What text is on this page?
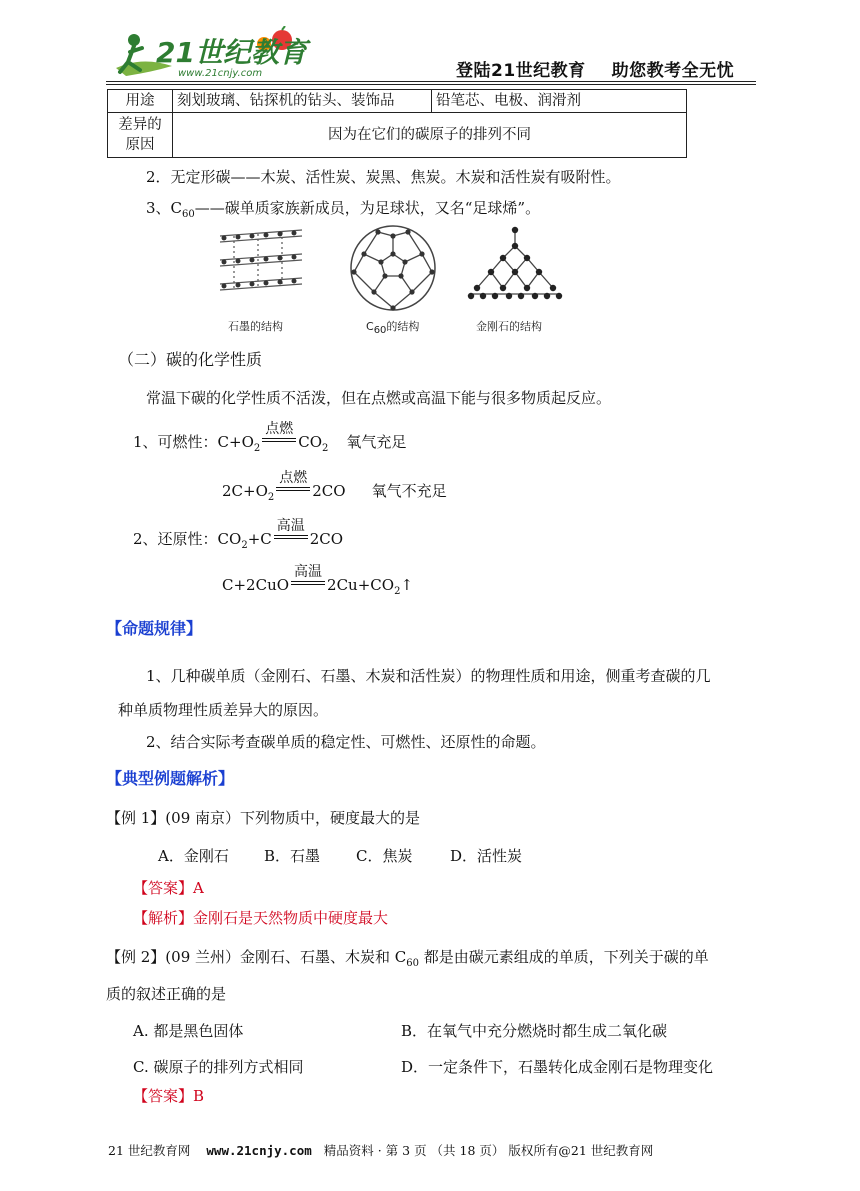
21世纪教育
www.21cnjy.com	登陆21世纪教育 助您教考全无忧
用途	刻划玻璃、钻探机的钻头、装饰品	铅笔芯、电极、润滑剂
差异的
原因	因为在它们的碳原子的排列不同	
2．无定形碳——木炭、活性炭、炭黑、焦炭。木炭和活性炭有吸附性。
3、$C_{60}——$碳单质家族新成员，为足球状，又名“足球烯”。
石墨的结构	$C_{60}$的结构	金刚石的结构
（二）碳的化学性质
常温下碳的化学性质不活泼，但在点燃或高温下能与很多物质起反应。
1、可燃性：$C+O_2$
点燃
$CO_2$ 氧气充足
$2C+O_2$
点燃
2CO 氧气不充足
2、还原性：$CO_2+C$
高温
2CO
C+2CuO
高温
$2Cu+CO_2↑$
【命题规律】
1、几种碳单质（金刚石、石墨、木炭和活性炭）的物理性质和用途，侧重考查碳的几
种单质物理性质差异大的原因。
2、结合实际考查碳单质的稳定性、可燃性、还原性的命题。
【典型例题解析】
【例 1】(09 南京）下列物质中，硬度最大的是
A．金刚石 B．石墨 C．焦炭	D．活性炭
【答案】A
【解析】金刚石是天然物质中硬度最大
【例 2】(09 兰州）金刚石、石墨、木炭和 $C_{60}$ 都是由碳元素组成的单质，下列关于碳的单
质的叙述正确的是
A. 都是黑色固体	B．在氧气中充分燃烧时都生成二氧化碳
C. 碳原子的排列方式相同	D．一定条件下，石墨转化成金刚石是物理变化
【答案】B
21 世纪教育网 www.21cnjy.com 精品资料 · 第 3 页 （共 18 页） 版权所有@21 世纪教育网
